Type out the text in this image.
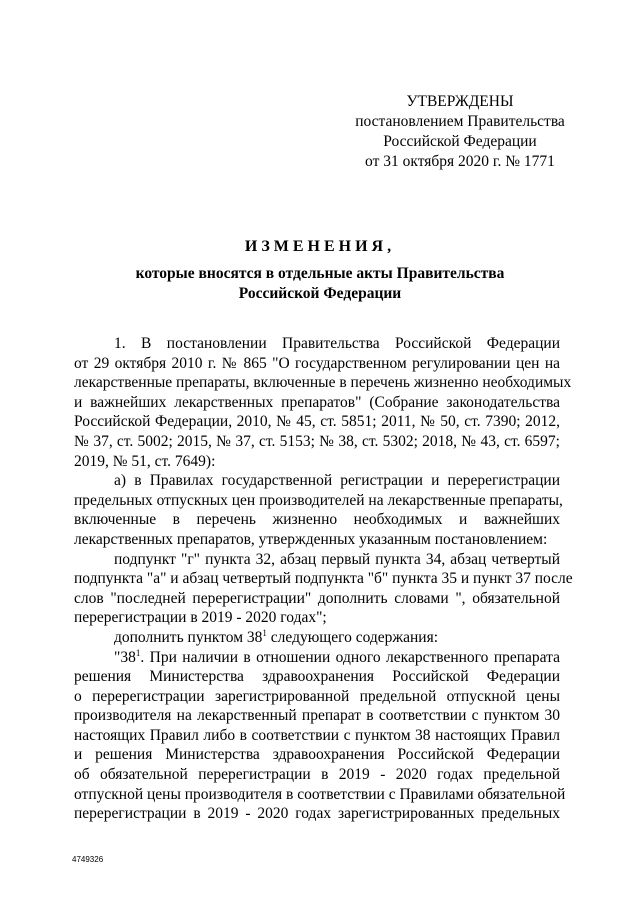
УТВЕРЖДЕНЫ
постановлением Правительства
Российской Федерации
от 31 октября 2020 г. № 1771
ИЗМЕНЕНИЯ,
которые вносятся в отдельные акты Правительства
Российской Федерации
1. В постановлении Правительства Российской Федерации
от 29 октября 2010 г. № 865 "О государственном регулировании цен на
лекарственные препараты, включенные в перечень жизненно необходимых
и важнейших лекарственных препаратов" (Собрание законодательства
Российской Федерации, 2010, № 45, ст. 5851; 2011, № 50, ст. 7390; 2012,
№ 37, ст. 5002; 2015, № 37, ст. 5153; № 38, ст. 5302; 2018, № 43, ст. 6597;
2019, № 51, ст. 7649):
а) в Правилах государственной регистрации и перерегистрации
предельных отпускных цен производителей на лекарственные препараты,
включенные в перечень жизненно необходимых и важнейших
лекарственных препаратов, утвержденных указанным постановлением:
подпункт "г" пункта 32, абзац первый пункта 34, абзац четвертый
подпункта "а" и абзац четвертый подпункта "б" пункта 35 и пункт 37 после
слов "последней перерегистрации" дополнить словами ", обязательной
перерегистрации в 2019 - 2020 годах";
дополнить пунктом $38^1$ следующего содержания:
"$38^1$. При наличии в отношении одного лекарственного препарата
решения Министерства здравоохранения Российской Федерации
о перерегистрации зарегистрированной предельной отпускной цены
производителя на лекарственный препарат в соответствии с пунктом 30
настоящих Правил либо в соответствии с пунктом 38 настоящих Правил
и решения Министерства здравоохранения Российской Федерации
об обязательной перерегистрации в 2019 - 2020 годах предельной
отпускной цены производителя в соответствии с Правилами обязательной
перерегистрации в 2019 - 2020 годах зарегистрированных предельных
4749326
